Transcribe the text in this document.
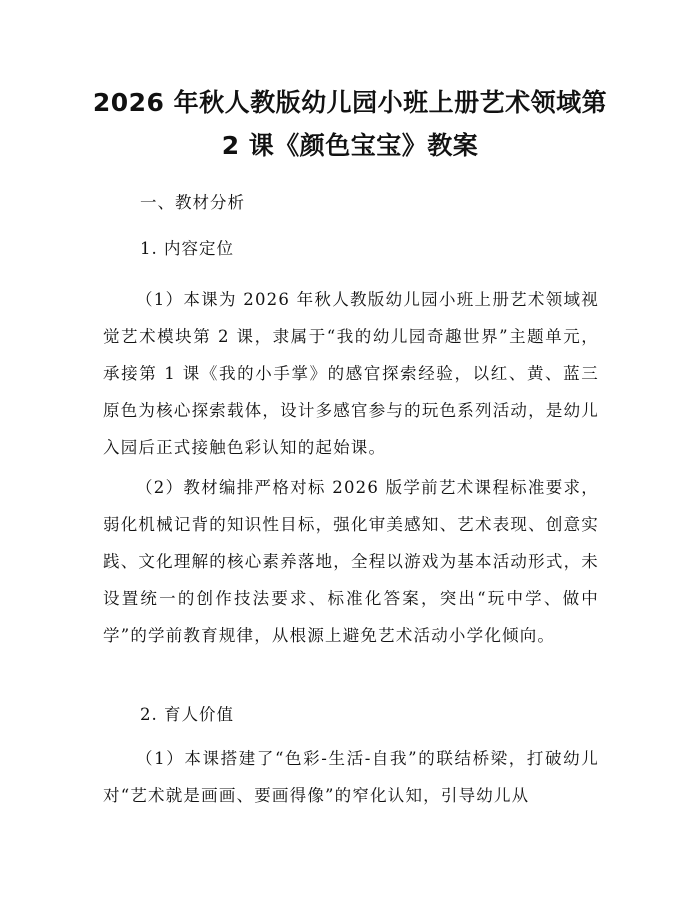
2026 年秋人教版幼儿园小班上册艺术领域第
2 课《颜色宝宝》教案
一、教材分析
1. 内容定位

（1）本课为 2026 年秋人教版幼儿园小班上册艺术领域视觉艺术模块第 2 课，隶属于“我的幼儿园奇趣世界”主题单元，承接第 1 课《我的小手掌》的感官探索经验，以红、黄、蓝三原色为核心探索载体，设计多感官参与的玩色系列活动，是幼儿入园后正式接触色彩认知的起始课。

（2）教材编排严格对标 2026 版学前艺术课程标准要求，弱化机械记背的知识性目标，强化审美感知、艺术表现、创意实践、文化理解的核心素养落地，全程以游戏为基本活动形式，未设置统一的创作技法要求、标准化答案，突出“玩中学、做中学”的学前教育规律，从根源上避免艺术活动小学化倾向。

2. 育人价值

（1）本课搭建了“色彩-生活-自我”的联结桥梁，打破幼儿对“艺术就是画画、要画得像”的窄化认知，引导幼儿从
